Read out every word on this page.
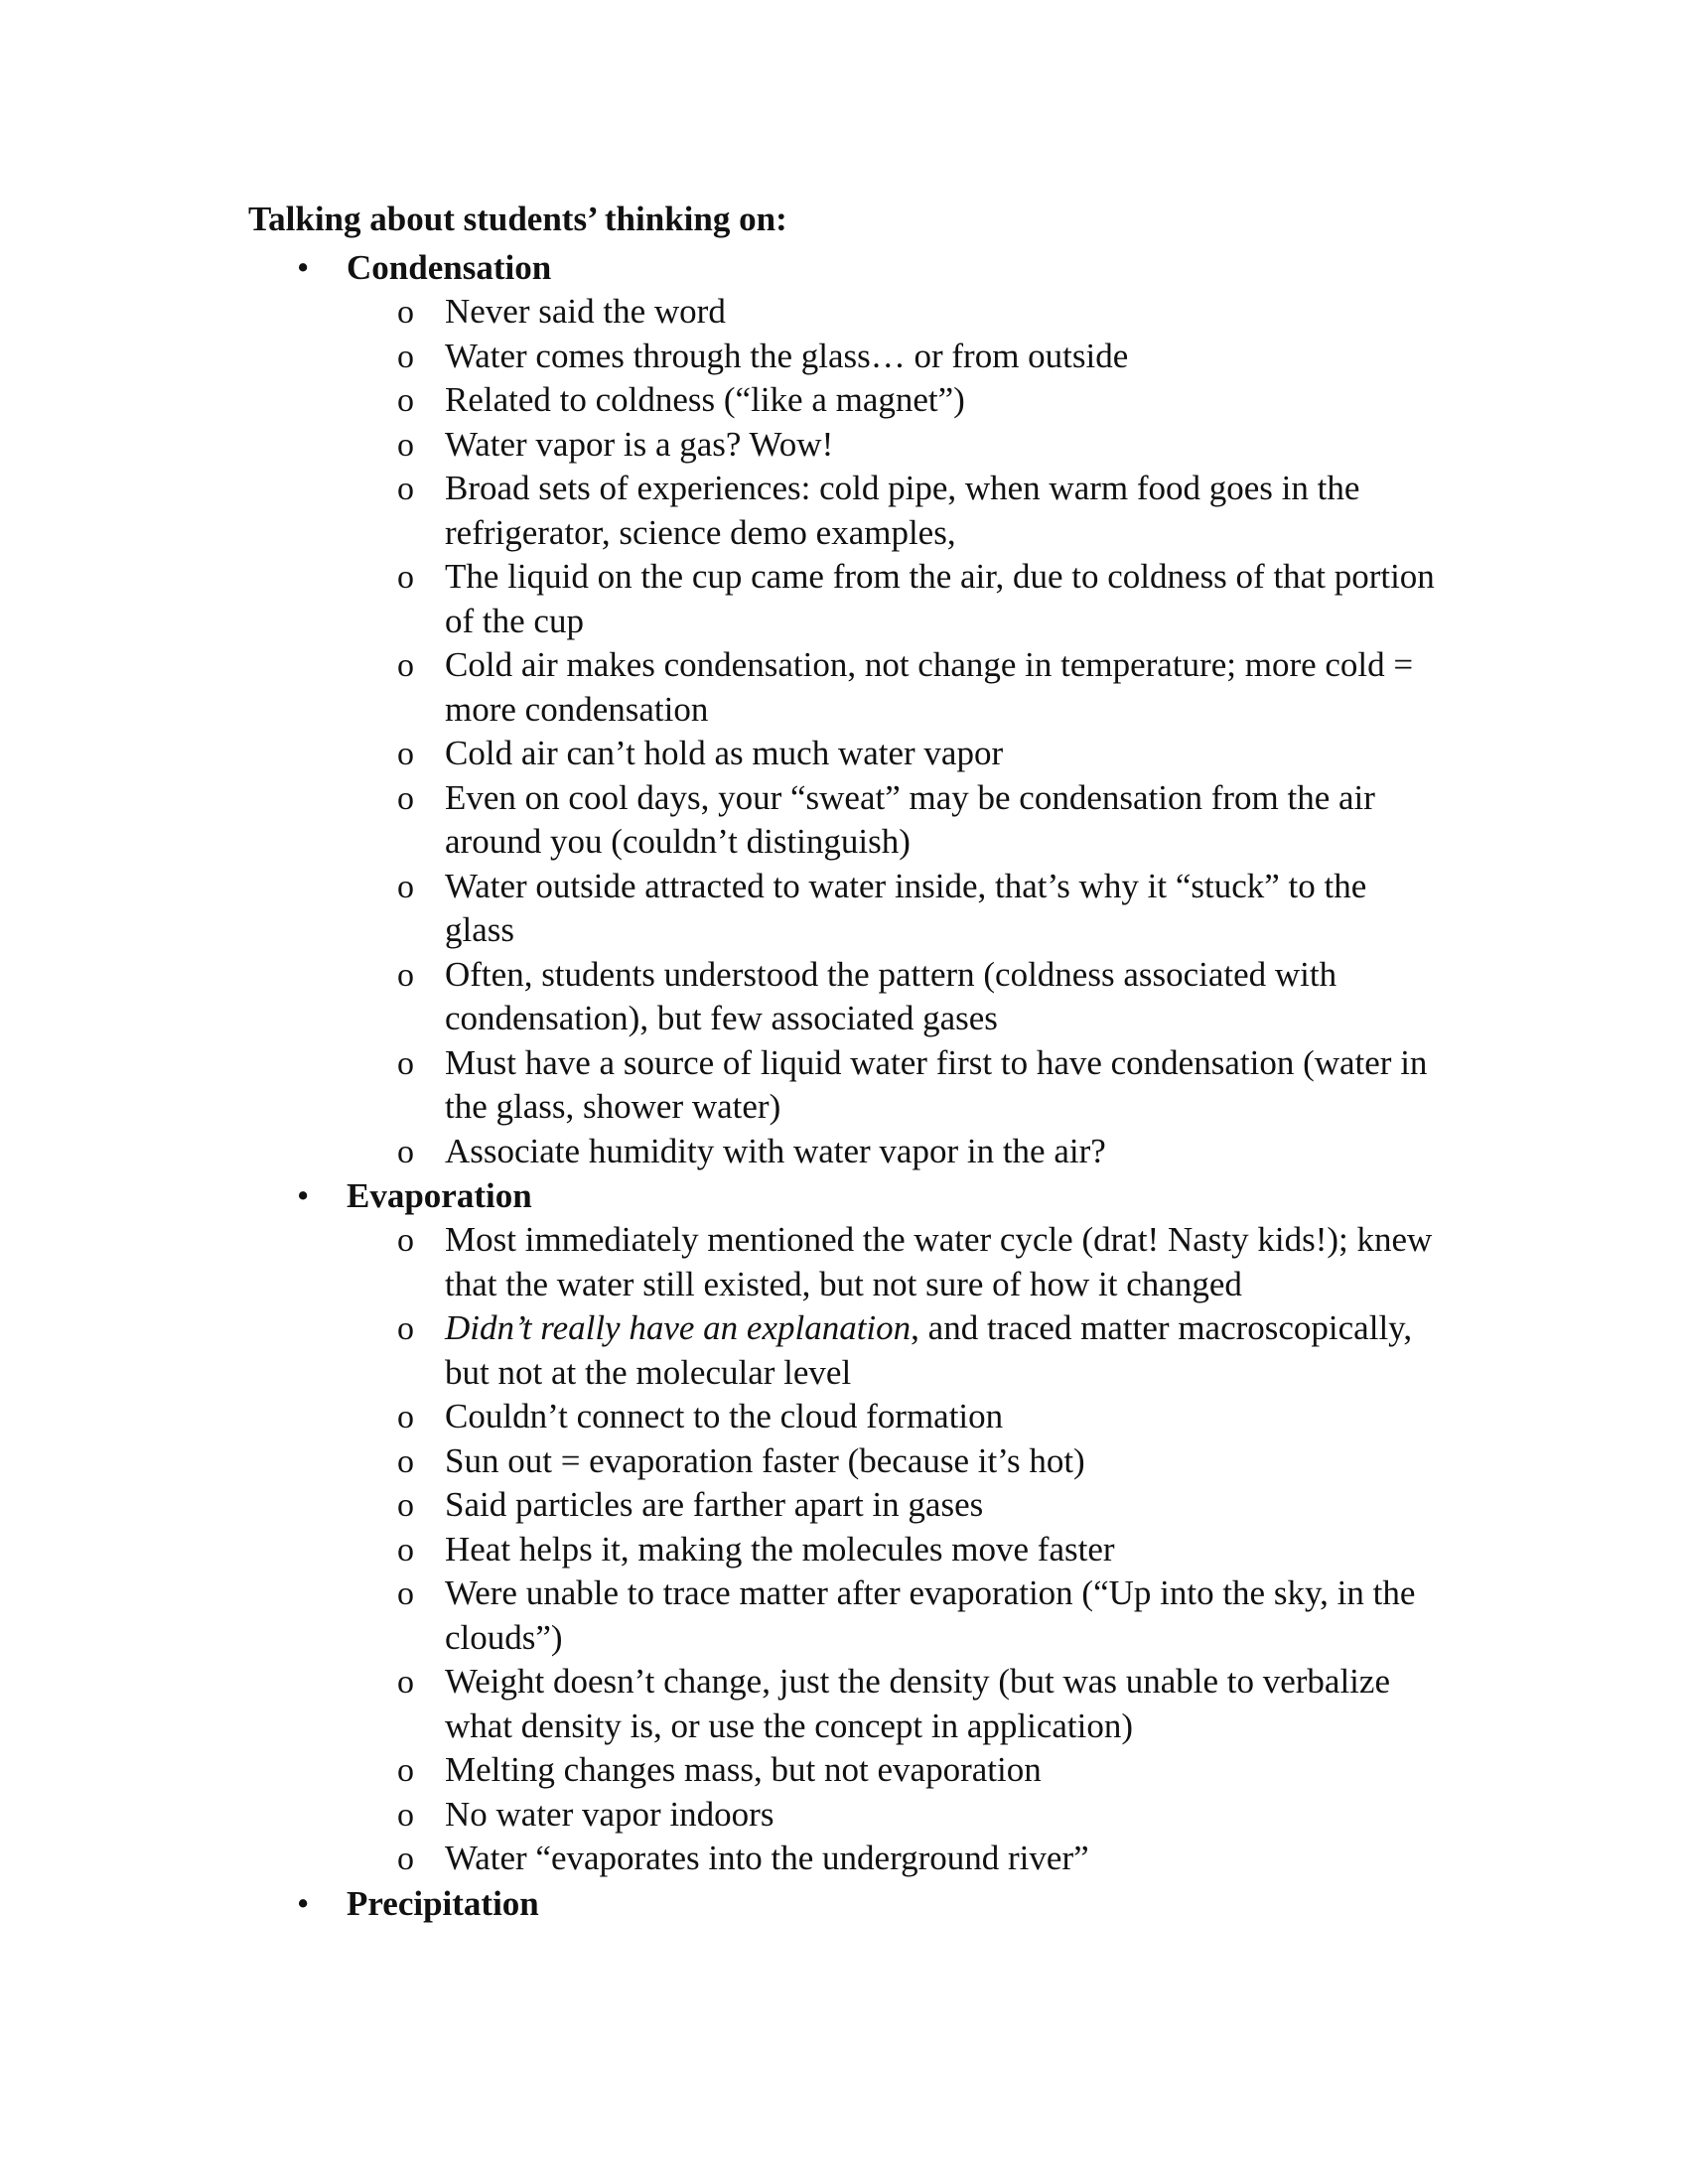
Talking about students’ thinking on:
• Condensation
o Never said the word
o Water comes through the glass… or from outside
o Related to coldness (“like a magnet”)
o Water vapor is a gas? Wow!
o Broad sets of experiences: cold pipe, when warm food goes in the refrigerator, science demo examples,
o The liquid on the cup came from the air, due to coldness of that portion of the cup
o Cold air makes condensation, not change in temperature; more cold = more condensation
o Cold air can’t hold as much water vapor
o Even on cool days, your “sweat” may be condensation from the air around you (couldn’t distinguish)
o Water outside attracted to water inside, that’s why it “stuck” to the glass
o Often, students understood the pattern (coldness associated with condensation), but few associated gases
o Must have a source of liquid water first to have condensation (water in the glass, shower water)
o Associate humidity with water vapor in the air?
• Evaporation
o Most immediately mentioned the water cycle (drat! Nasty kids!); knew that the water still existed, but not sure of how it changed
o Didn’t really have an explanation, and traced matter macroscopically, but not at the molecular level
o Couldn’t connect to the cloud formation
o Sun out = evaporation faster (because it’s hot)
o Said particles are farther apart in gases
o Heat helps it, making the molecules move faster
o Were unable to trace matter after evaporation (“Up into the sky, in the clouds”)
o Weight doesn’t change, just the density (but was unable to verbalize what density is, or use the concept in application)
o Melting changes mass, but not evaporation
o No water vapor indoors
o Water “evaporates into the underground river”
• Precipitation
